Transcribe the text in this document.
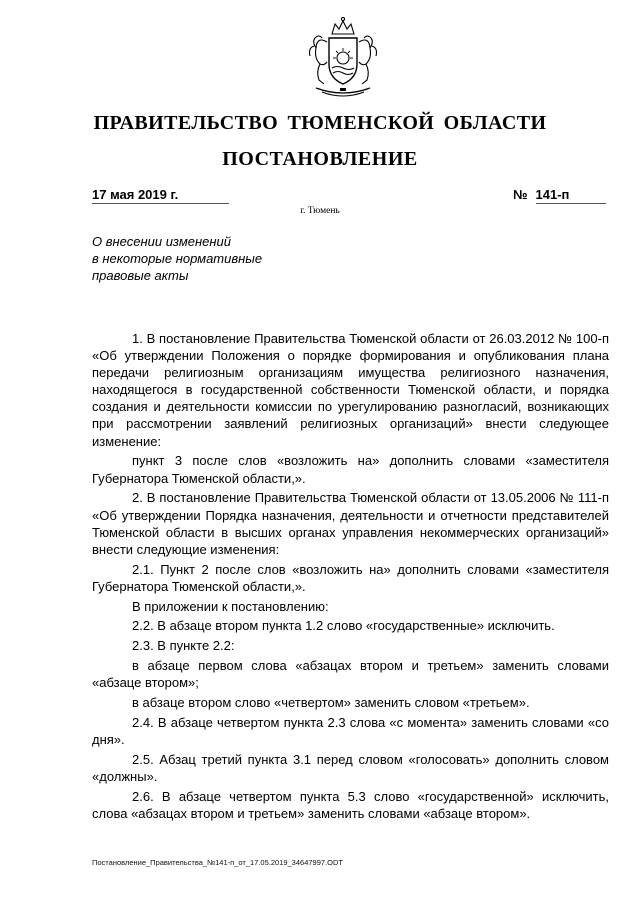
ПРАВИТЕЛЬСТВО ТЮМЕНСКОЙ ОБЛАСТИ
ПОСТАНОВЛЕНИЕ
17 мая 2019 г.	№ 141-п
г. Тюмень
О внесении изменений
в некоторые нормативные
правовые акты

1. В постановление Правительства Тюменской области от 26.03.2012 № 100-п «Об утверждении Положения о порядке формирования и опубликования плана передачи религиозным организациям имущества религиозного назначения, находящегося в государственной собственности Тюменской области, и порядка создания и деятельности комиссии по урегулированию разногласий, возникающих при рассмотрении заявлений религиозных организаций» внести следующее изменение:

пункт 3 после слов «возложить на» дополнить словами «заместителя Губернатора Тюменской области,».

2. В постановление Правительства Тюменской области от 13.05.2006 № 111-п «Об утверждении Порядка назначения, деятельности и отчетности представителей Тюменской области в высших органах управления некоммерческих организаций» внести следующие изменения:

2.1. Пункт 2 после слов «возложить на» дополнить словами «заместителя Губернатора Тюменской области,».

В приложении к постановлению:

2.2. В абзаце втором пункта 1.2 слово «государственные» исключить.

2.3. В пункте 2.2:

в абзаце первом слова «абзацах втором и третьем» заменить словами «абзаце втором»;

в абзаце втором слово «четвертом» заменить словом «третьем».

2.4. В абзаце четвертом пункта 2.3 слова «с момента» заменить словами «со дня».

2.5. Абзац третий пункта 3.1 перед словом «голосовать» дополнить словом «должны».

2.6. В абзаце четвертом пункта 5.3 слово «государственной» исключить, слова «абзацах втором и третьем» заменить словами «абзаце втором».

Постановление_Правительства_№141-п_от_17.05.2019_34647997.ODT
